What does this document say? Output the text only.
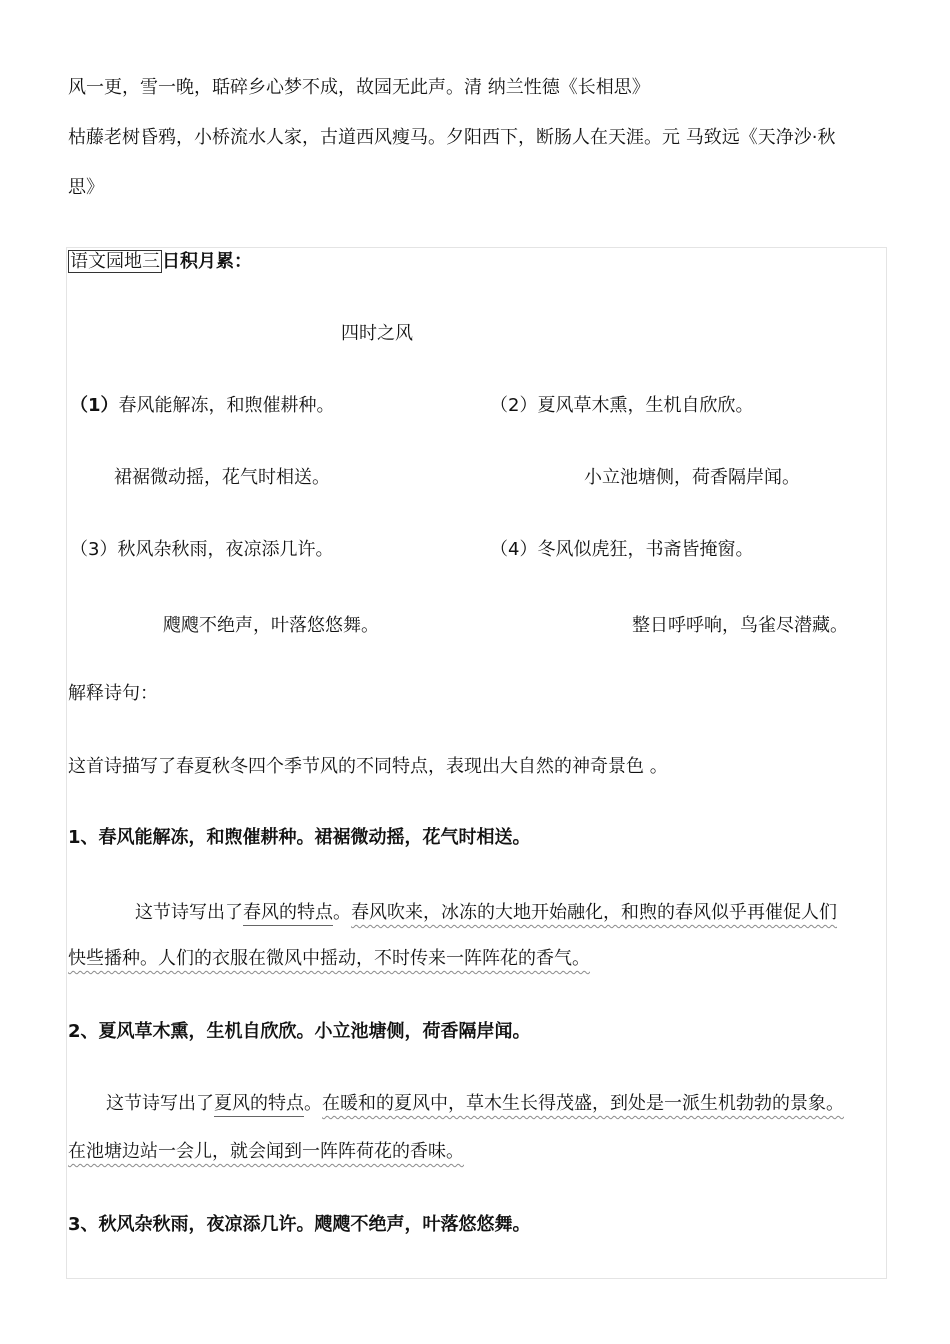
风一更，雪一晚，聒碎乡心梦不成，故园无此声。清 纳兰性德《长相思》
枯藤老树昏鸦，小桥流水人家，古道西风瘦马。夕阳西下，断肠人在天涯。元 马致远《天净沙·秋
思》
语文园地三 日积月累：
四时之风
（1）春风能解冻，和煦催耕种。
裙裾微动摇，花气时相送。
（2）夏风草木熏，生机自欣欣。
小立池塘侧，荷香隔岸闻。
（3）秋风杂秋雨，夜凉添几许。
飕飕不绝声，叶落悠悠舞。
（4）冬风似虎狂，书斋皆掩窗。
整日呼呼响，鸟雀尽潜藏。
解释诗句：
这首诗描写了春夏秋冬四个季节风的不同特点，表现出大自然的神奇景色 。
1、春风能解冻，和煦催耕种。裙裾微动摇，花气时相送。
这节诗写出了春风的特点。春风吹来，冰冻的大地开始融化，和煦的春风似乎再催促人们
快些播种。人们的衣服在微风中摇动，不时传来一阵阵花的香气。
2、夏风草木熏，生机自欣欣。小立池塘侧，荷香隔岸闻。
这节诗写出了夏风的特点。在暖和的夏风中，草木生长得茂盛，到处是一派生机勃勃的景象。
在池塘边站一会儿，就会闻到一阵阵荷花的香味。
3、秋风杂秋雨，夜凉添几许。飕飕不绝声，叶落悠悠舞。
